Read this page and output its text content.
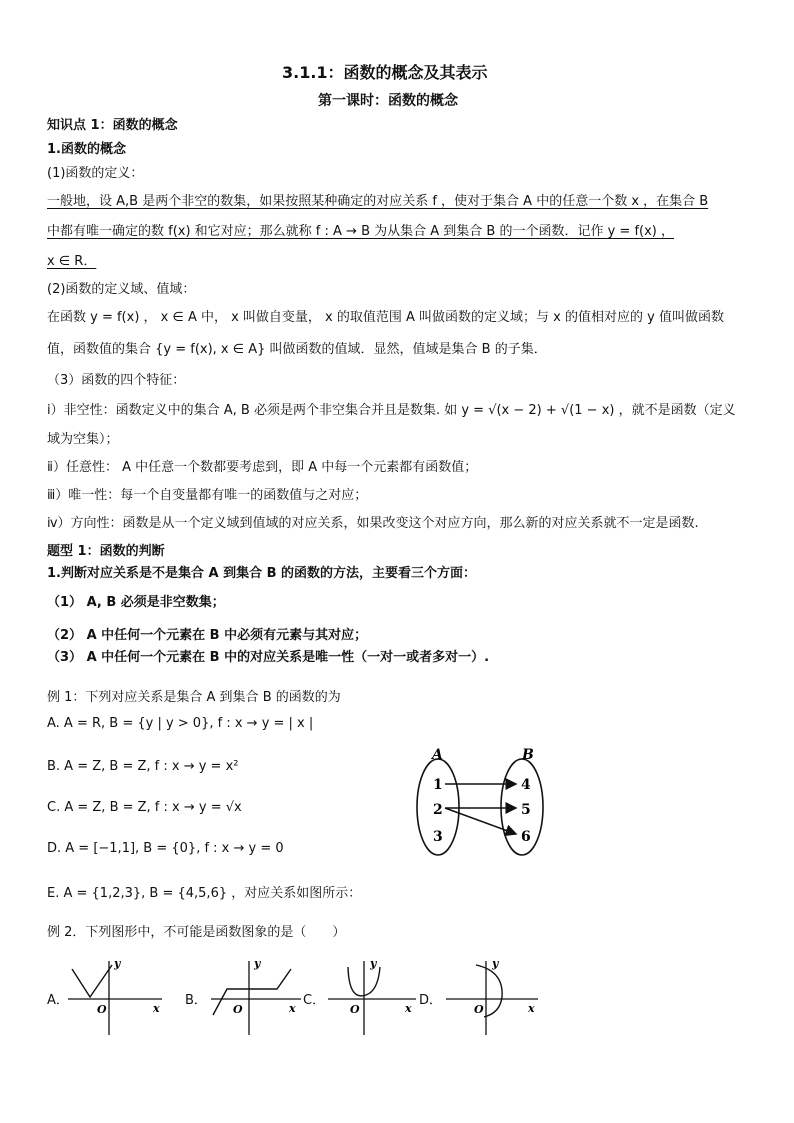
3.1.1：函数的概念及其表示
第一课时：函数的概念
知识点 1：函数的概念
1.函数的概念
(1)函数的定义：
一般地，设 A,B 是两个非空的数集，如果按照某种确定的对应关系 f ，使对于集合 A 中的任意一个数 x ，在集合 B
中都有唯一确定的数 f(x) 和它对应；那么就称 f : A → B 为从集合 A 到集合 B 的一个函数．记作 y = f(x) ，
x ∈ R．
(2)函数的定义域、值域：
在函数 y = f(x) ， x ∈ A 中， x 叫做自变量， x 的取值范围 A 叫做函数的定义域；与 x 的值相对应的 y 值叫做函数
值，函数值的集合 {y = f(x), x ∈ A} 叫做函数的值域．显然，值域是集合 B 的子集．
（3）函数的四个特征：
ⅰ）非空性：函数定义中的集合 A, B 必须是两个非空集合并且是数集. 如 y = √(x − 2) + √(1 − x) ，就不是函数（定义
域为空集）；
ⅱ）任意性： A 中任意一个数都要考虑到，即 A 中每一个元素都有函数值；
ⅲ）唯一性：每一个自变量都有唯一的函数值与之对应；
ⅳ）方向性：函数是从一个定义域到值域的对应关系，如果改变这个对应方向，那么新的对应关系就不一定是函数.
题型 1：函数的判断
1.判断对应关系是不是集合 A 到集合 B 的函数的方法，主要看三个方面：
（1） A, B 必须是非空数集；
（2） A 中任何一个元素在 B 中必须有元素与其对应；
（3） A 中任何一个元素在 B 中的对应关系是唯一性（一对一或者多对一）.
例 1：下列对应关系是集合 A 到集合 B 的函数的为
A. A = R, B = {y | y > 0}, f : x → y = | x |
B. A = Z, B = Z, f : x → y = x²
C. A = Z, B = Z, f : x → y = √x
D. A = [−1,1], B = {0}, f : x → y = 0
E. A = {1,2,3}, B = {4,5,6} ，对应关系如图所示：
A	B
1
2
3
4
5
6
例 2．下列图形中，不可能是函数图象的是（　　）
A．	B．	C．	D．
y
x
O
y
x
O
y
x
O
y
x
O
